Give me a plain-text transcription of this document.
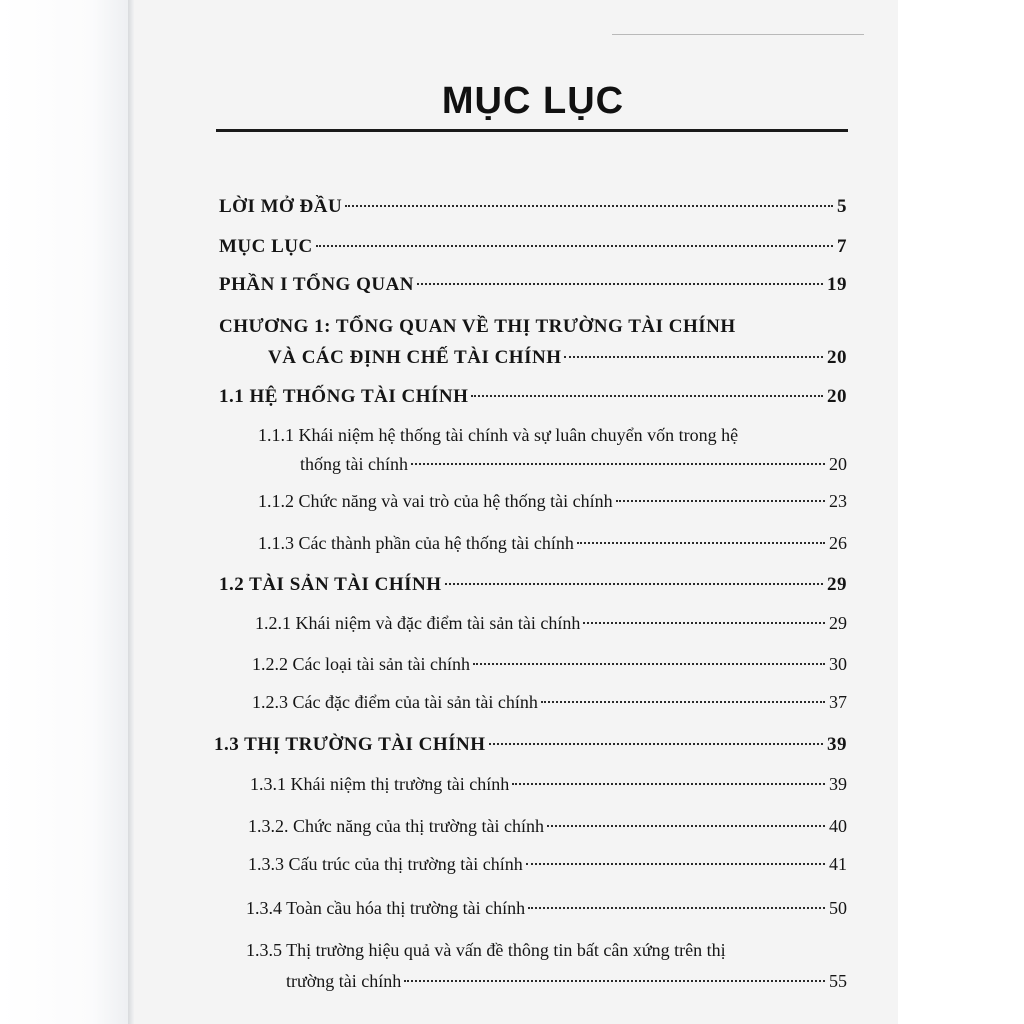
MỤC LỤC
LỜI MỞ ĐẦU	5
MỤC LỤC	7
PHẦN I TỔNG QUAN	19
CHƯƠNG 1: TỔNG QUAN VỀ THỊ TRƯỜNG TÀI CHÍNH
VÀ CÁC ĐỊNH CHẾ TÀI CHÍNH	20
1.1 HỆ THỐNG TÀI CHÍNH	20
1.1.1 Khái niệm hệ thống tài chính và sự luân chuyển vốn trong hệ
thống tài chính	20
1.1.2 Chức năng và vai trò của hệ thống tài chính	23
1.1.3 Các thành phần của hệ thống tài chính	26
1.2 TÀI SẢN TÀI CHÍNH	29
1.2.1 Khái niệm và đặc điểm tài sản tài chính	29
1.2.2 Các loại tài sản tài chính	30
1.2.3 Các đặc điểm của tài sản tài chính	37
1.3 THỊ TRƯỜNG TÀI CHÍNH	39
1.3.1 Khái niệm thị trường tài chính	39
1.3.2. Chức năng của thị trường tài chính	40
1.3.3 Cấu trúc của thị trường tài chính	41
1.3.4 Toàn cầu hóa thị trường tài chính	50
1.3.5 Thị trường hiệu quả và vấn đề thông tin bất cân xứng trên thị
trường tài chính	55
